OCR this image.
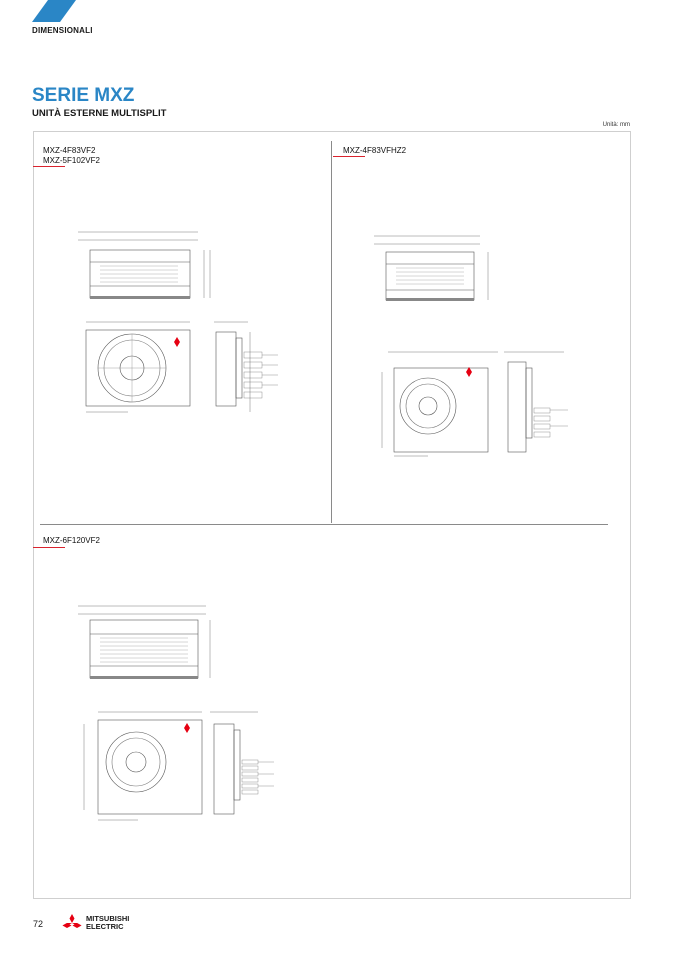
DIMENSIONALI
SERIE MXZ
UNITÀ ESTERNE MULTISPLIT
Unità: mm
MXZ-4F83VF2
MXZ-5F102VF2
MXZ-4F83VFHZ2
MXZ-6F120VF2
72
MITSUBISHI
ELECTRIC
